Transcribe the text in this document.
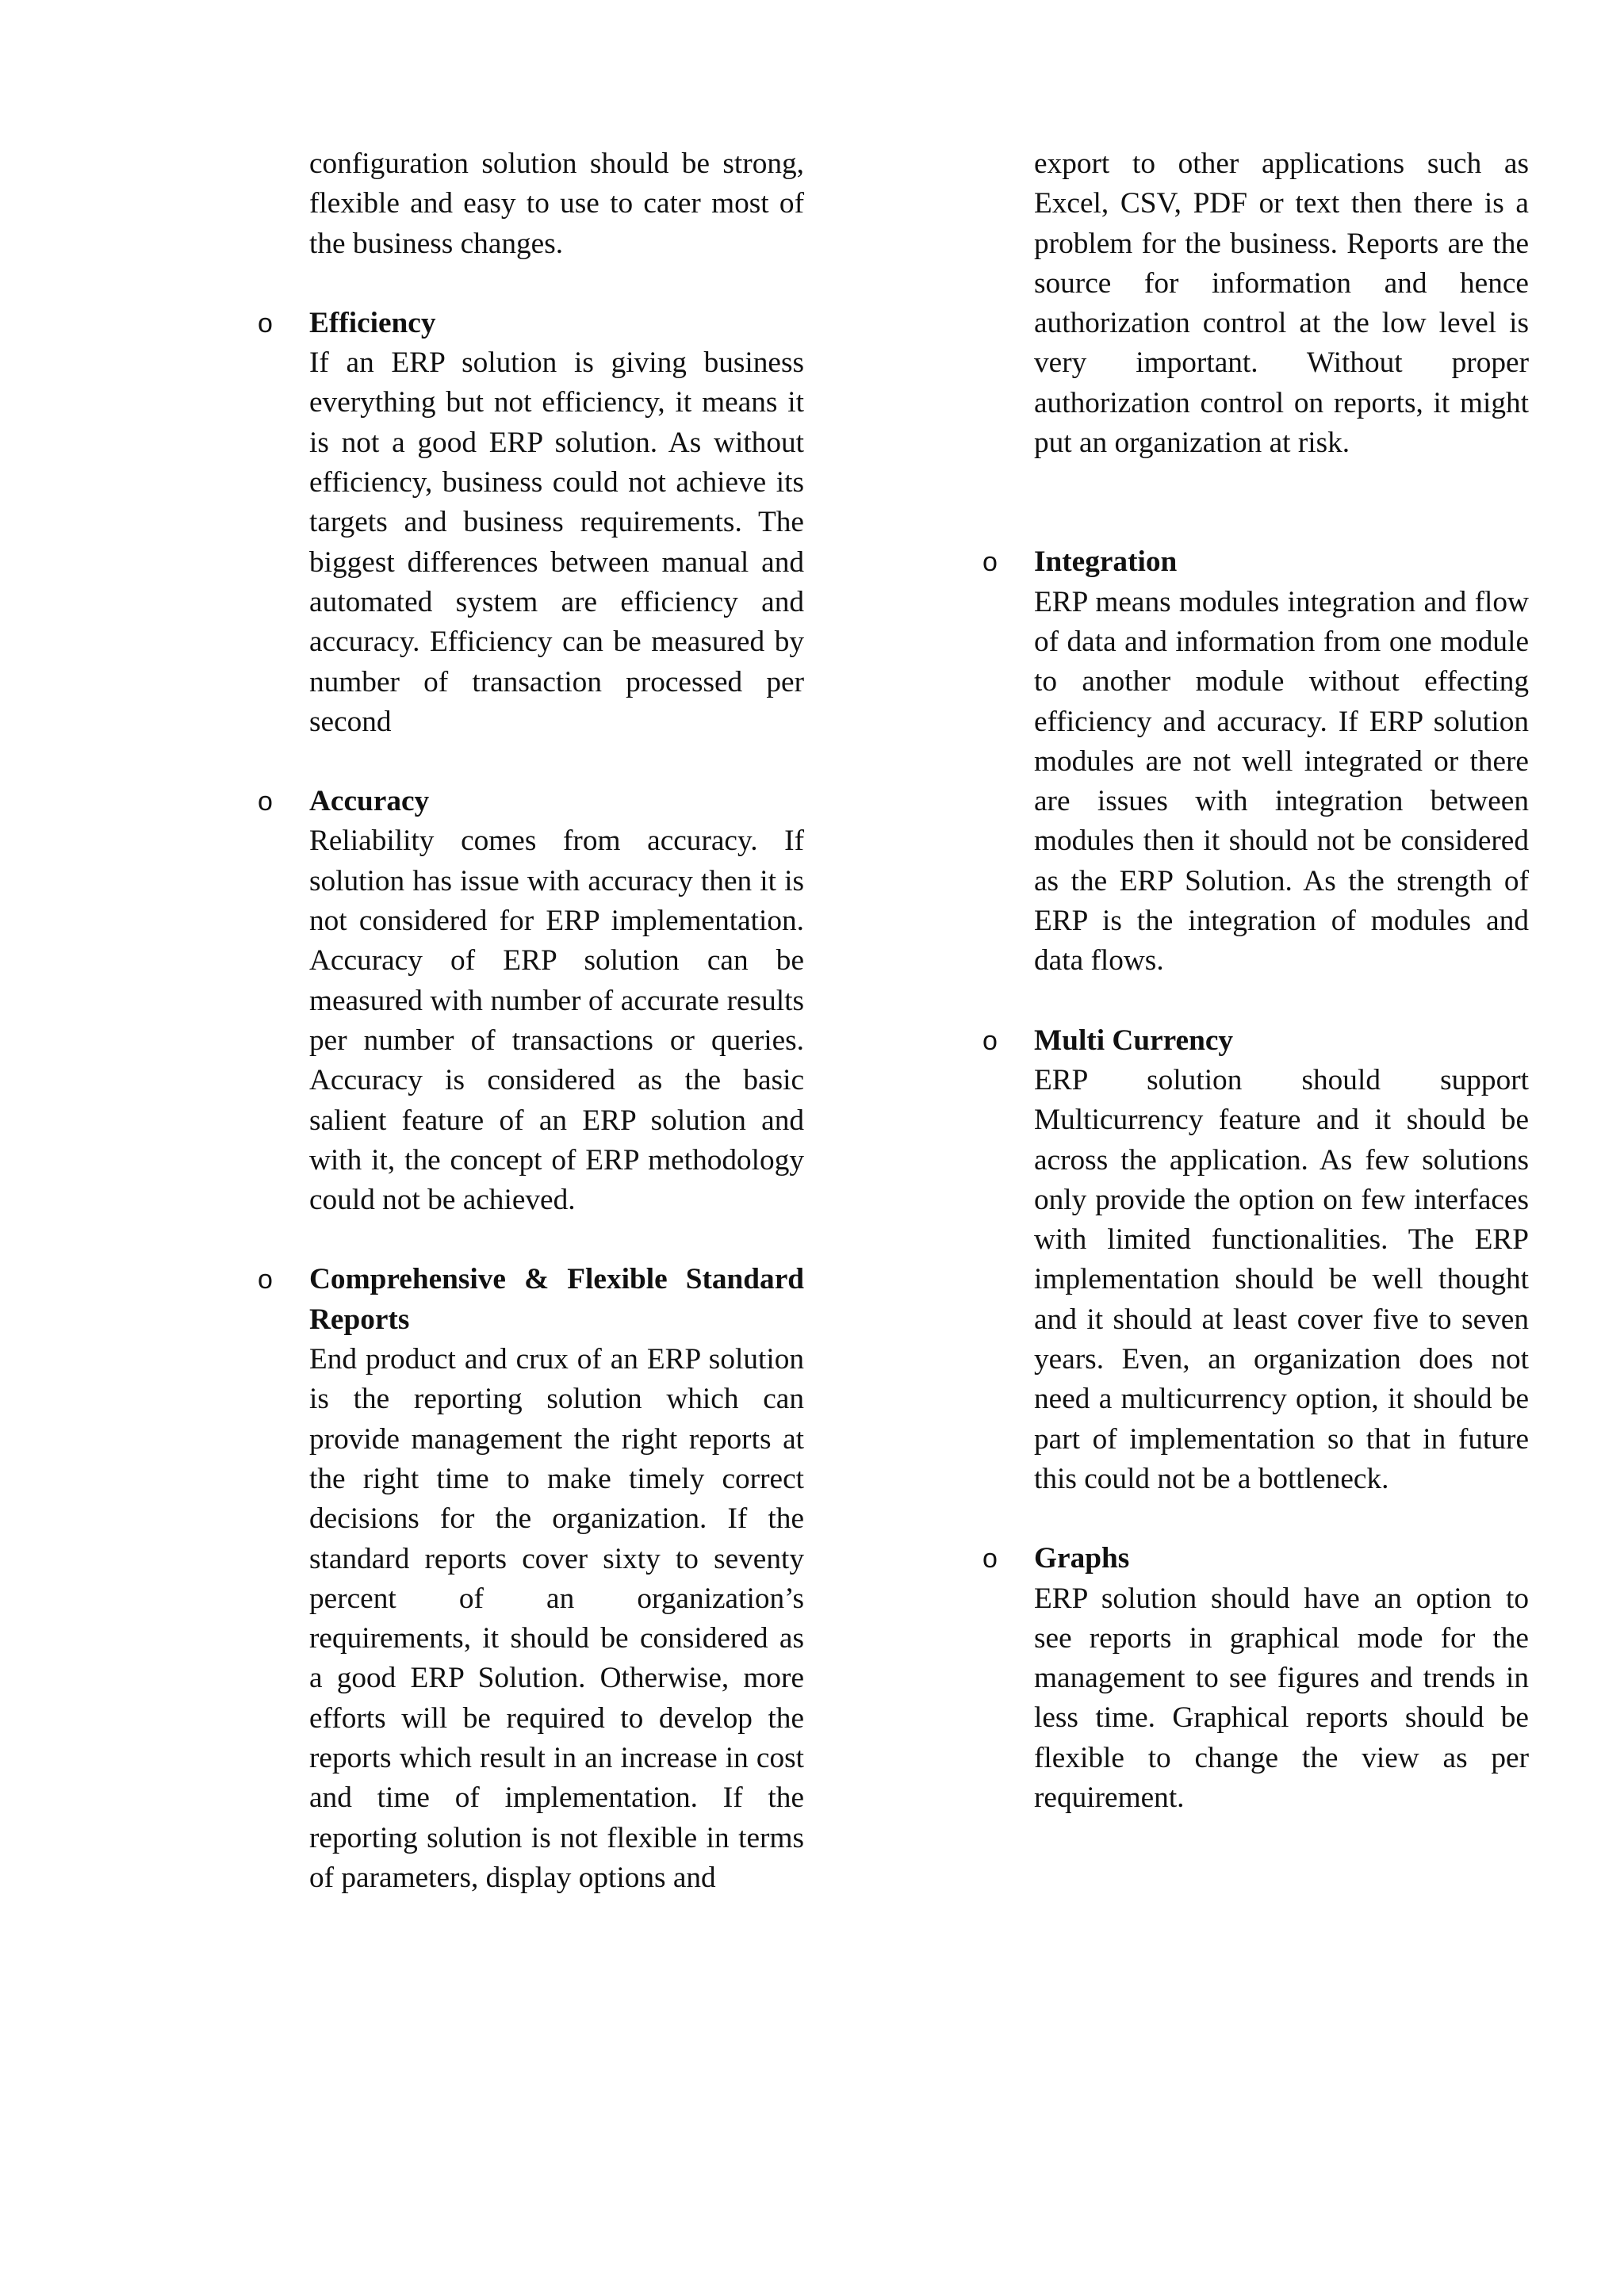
configuration solution should be strong, flexible and easy to use to cater most of the business changes.

o Efficiency

If an ERP solution is giving business everything but not efficiency, it means it is not a good ERP solution. As without efficiency, business could not achieve its targets and business requirements. The biggest differences between manual and automated system are efficiency and accuracy. Efficiency can be measured by number of transaction processed per second

o Accuracy

Reliability comes from accuracy. If solution has issue with accuracy then it is not considered for ERP implementation. Accuracy of ERP solution can be measured with number of accurate results per number of transactions or queries. Accuracy is considered as the basic salient feature of an ERP solution and with it, the concept of ERP methodology could not be achieved.

o Comprehensive & Flexible Standard Reports

End product and crux of an ERP solution is the reporting solution which can provide management the right reports at the right time to make timely correct decisions for the organization. If the standard reports cover sixty to seventy percent of an organization’s requirements, it should be considered as a good ERP Solution. Otherwise, more efforts will be required to develop the reports which result in an increase in cost and time of implementation. If the reporting solution is not flexible in terms of parameters, display options and

export to other applications such as Excel, CSV, PDF or text then there is a problem for the business. Reports are the source for information and hence authorization control at the low level is very important. Without proper authorization control on reports, it might put an organization at risk.

o Integration

ERP means modules integration and flow of data and information from one module to another module without effecting efficiency and accuracy. If ERP solution modules are not well integrated or there are issues with integration between modules then it should not be considered as the ERP Solution. As the strength of ERP is the integration of modules and data flows.

o Multi Currency

ERP solution should support Multicurrency feature and it should be across the application. As few solutions only provide the option on few interfaces with limited functionalities. The ERP implementation should be well thought and it should at least cover five to seven years. Even, an organization does not need a multicurrency option, it should be part of implementation so that in future this could not be a bottleneck.

o Graphs

ERP solution should have an option to see reports in graphical mode for the management to see figures and trends in less time. Graphical reports should be flexible to change the view as per requirement.
